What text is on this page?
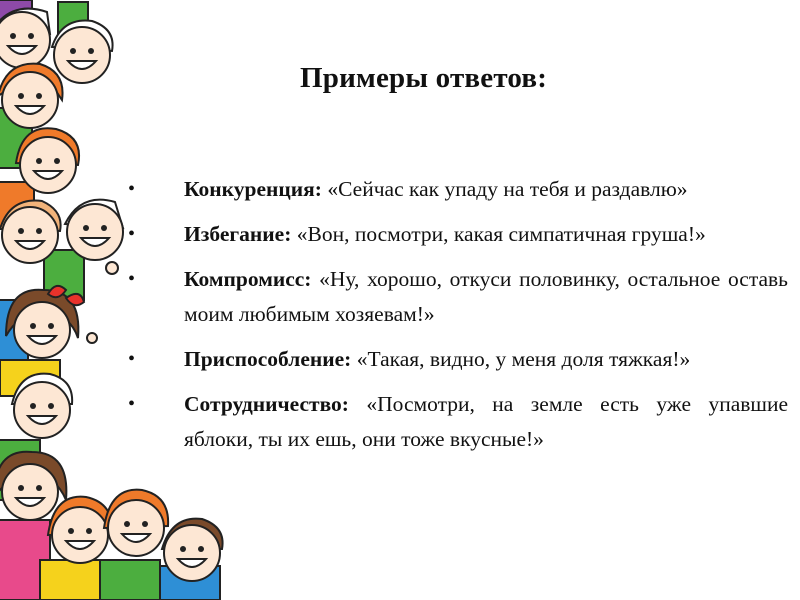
Примеры ответов:
• Конкуренция: «Сейчас как упаду на тебя и раздавлю»
• Избегание: «Вон, посмотри, какая симпатичная груша!»
• Компромисс: «Ну, хорошо, откуси половинку, остальное оставь моим любимым хозяевам!»
• Приспособление: «Такая, видно, у меня доля тяжкая!»
• Сотрудничество: «Посмотри, на земле есть уже упавшие яблоки, ты их ешь, они тоже вкусные!»
